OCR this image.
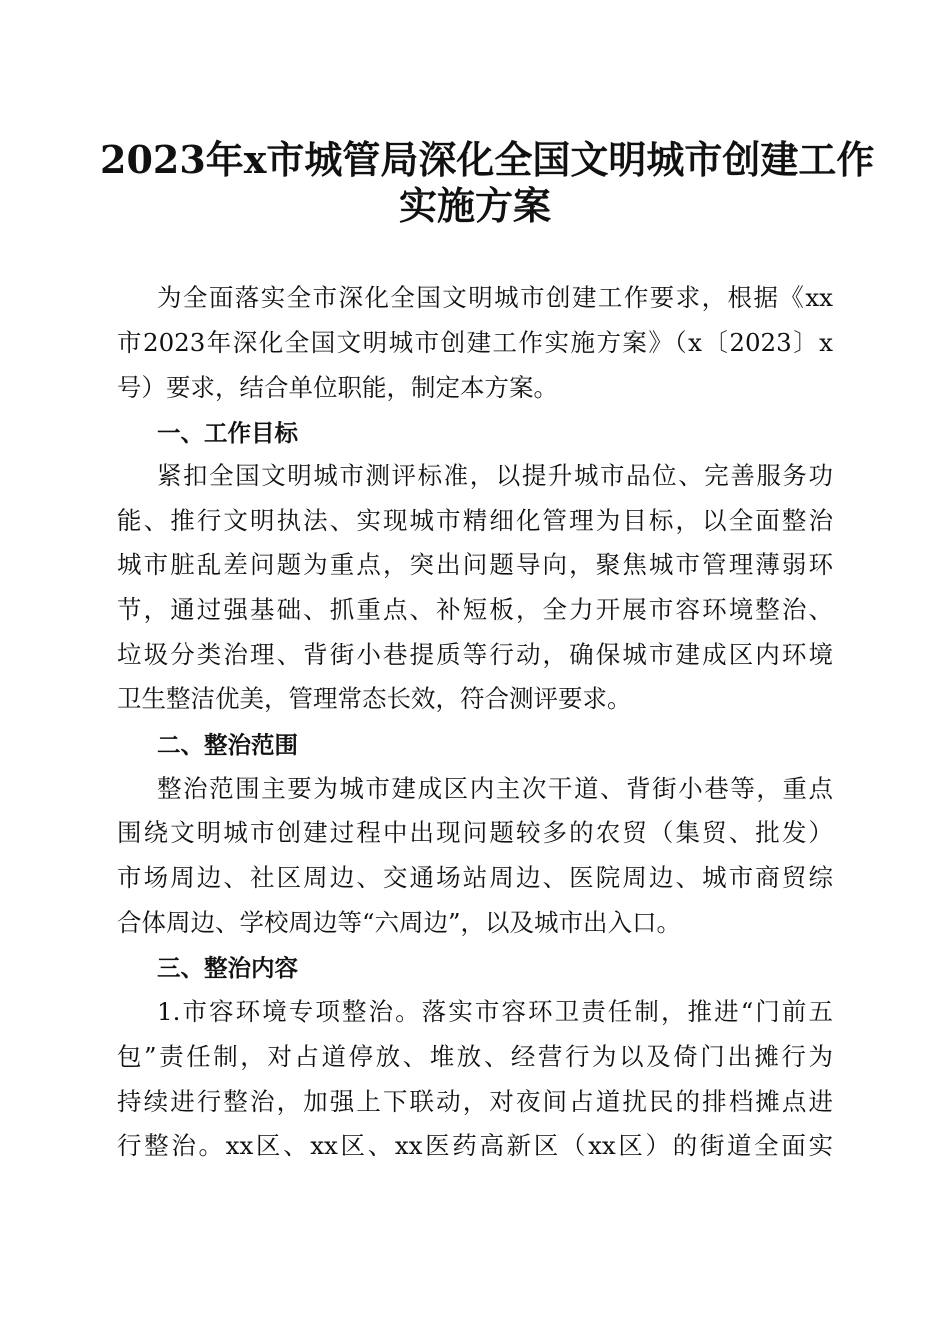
2023年x市城管局深化全国文明城市创建工作
实施方案

为全面落实全市深化全国文明城市创建工作要求，根据《xx

市2023年深化全国文明城市创建工作实施方案》（x〔2023〕x

号）要求，结合单位职能，制定本方案。

一、工作目标

紧扣全国文明城市测评标准，以提升城市品位、完善服务功

能、推行文明执法、实现城市精细化管理为目标，以全面整治

城市脏乱差问题为重点，突出问题导向，聚焦城市管理薄弱环

节，通过强基础、抓重点、补短板，全力开展市容环境整治、

垃圾分类治理、背街小巷提质等行动，确保城市建成区内环境

卫生整洁优美，管理常态长效，符合测评要求。

二、整治范围

整治范围主要为城市建成区内主次干道、背街小巷等，重点

围绕文明城市创建过程中出现问题较多的农贸（集贸、批发）

市场周边、社区周边、交通场站周边、医院周边、城市商贸综

合体周边、学校周边等“六周边”，以及城市出入口。

三、整治内容

1.市容环境专项整治。落实市容环卫责任制，推进“门前五

包”责任制，对占道停放、堆放、经营行为以及倚门出摊行为

持续进行整治，加强上下联动，对夜间占道扰民的排档摊点进

行整治。xx区、xx区、xx医药高新区（xx区）的街道全面实
